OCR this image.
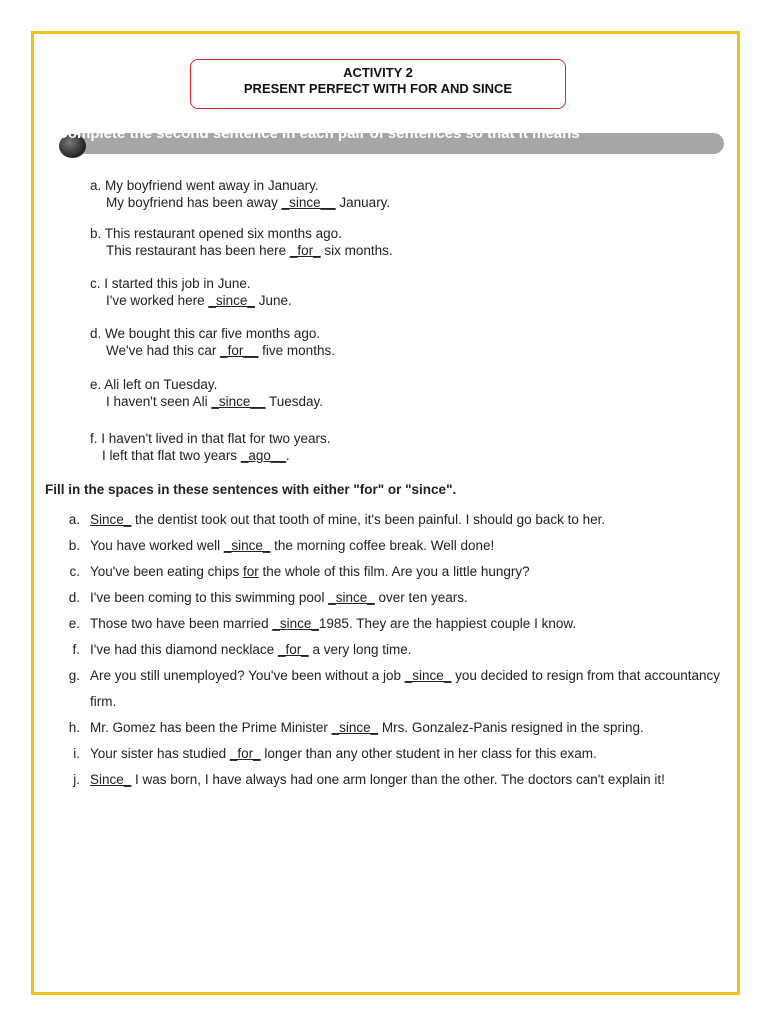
ACTIVITY 2
PRESENT PERFECT WITH FOR AND SINCE
Complete the second sentence in each pair of sentences so that it means
a. My boyfriend went away in January.
My boyfriend has been away _since__ January.
b. This restaurant opened six months ago.
This restaurant has been here _for_ six months.
c. I started this job in June.
I've worked here _since_ June.
d. We bought this car five months ago.
We've had this car _for__ five months.
e. Ali left on Tuesday.
I haven't seen Ali _since__ Tuesday.
f. I haven't lived in that flat for two years.
I left that flat two years _ago__.
Fill in the spaces in these sentences with either "for" or "since".
a. Since_ the dentist took out that tooth of mine, it's been painful. I should go back to her.
b. You have worked well _since_ the morning coffee break. Well done!
c. You've been eating chips for the whole of this film. Are you a little hungry?
d. I've been coming to this swimming pool _since_ over ten years.
e. Those two have been married _since_1985. They are the happiest couple I know.
f. I've had this diamond necklace _for_ a very long time.
g. Are you still unemployed? You've been without a job _since_ you decided to resign from that accountancy firm.
h. Mr. Gomez has been the Prime Minister _since_ Mrs. Gonzalez-Panis resigned in the spring.
i. Your sister has studied _for_ longer than any other student in her class for this exam.
j. Since_ I was born, I have always had one arm longer than the other. The doctors can't explain it!
